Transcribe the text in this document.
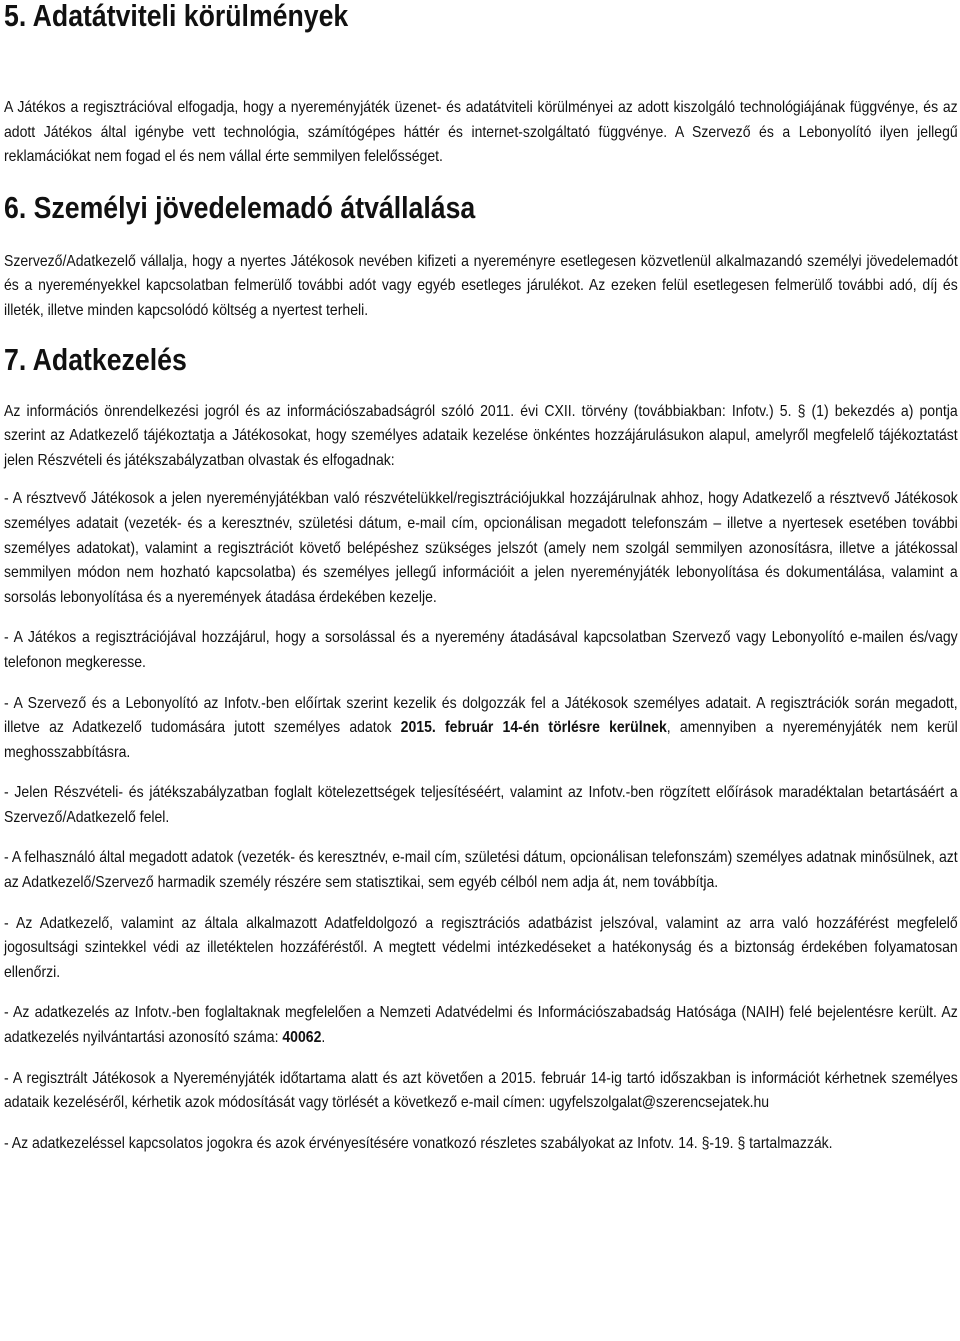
5. Adatátviteli körülmények
A Játékos a regisztrációval elfogadja, hogy a nyereményjáték üzenet- és adatátviteli körülményei az adott kiszolgáló technológiájának függvénye, és az adott Játékos által igénybe vett technológia, számítógépes háttér és internet-szolgáltató függvénye. A Szervező és a Lebonyolító ilyen jellegű reklamációkat nem fogad el és nem vállal érte semmilyen felelősséget.
6. Személyi jövedelemadó átvállalása
Szervező/Adatkezelő vállalja, hogy a nyertes Játékosok nevében kifizeti a nyereményre esetlegesen közvetlenül alkalmazandó személyi jövedelemadót és a nyereményekkel kapcsolatban felmerülő további adót vagy egyéb esetleges járulékot. Az ezeken felül esetlegesen felmerülő további adó, díj és illeték, illetve minden kapcsolódó költség a nyertest terheli.
7. Adatkezelés
Az információs önrendelkezési jogról és az információszabadságról szóló 2011. évi CXII. törvény (továbbiakban: Infotv.) 5. § (1) bekezdés a) pontja szerint az Adatkezelő tájékoztatja a Játékosokat, hogy személyes adataik kezelése önkéntes hozzájárulásukon alapul, amelyről megfelelő tájékoztatást jelen Részvételi és játékszabályzatban olvastak és elfogadnak:
- A résztvevő Játékosok a jelen nyereményjátékban való részvételükkel/regisztrációjukkal hozzájárulnak ahhoz, hogy Adatkezelő a résztvevő Játékosok személyes adatait (vezeték- és a keresztnév, születési dátum, e-mail cím, opcionálisan megadott telefonszám – illetve a nyertesek esetében további személyes adatokat), valamint a regisztrációt követő belépéshez szükséges jelszót (amely nem szolgál semmilyen azonosításra, illetve a játékossal semmilyen módon nem hozható kapcsolatba) és személyes jellegű információit a jelen nyereményjáték lebonyolítása és dokumentálása, valamint a sorsolás lebonyolítása és a nyeremények átadása érdekében kezelje.
- A Játékos a regisztrációjával hozzájárul, hogy a sorsolással és a nyeremény átadásával kapcsolatban Szervező vagy Lebonyolító e-mailen és/vagy telefonon megkeresse.
- A Szervező és a Lebonyolító az Infotv.-ben előírtak szerint kezelik és dolgozzák fel a Játékosok személyes adatait. A regisztrációk során megadott, illetve az Adatkezelő tudomására jutott személyes adatok 2015. február 14-én törlésre kerülnek, amennyiben a nyereményjáték nem kerül meghosszabbításra.
- Jelen Részvételi- és játékszabályzatban foglalt kötelezettségek teljesítéséért, valamint az Infotv.-ben rögzített előírások maradéktalan betartásáért a Szervező/Adatkezelő felel.
- A felhasználó által megadott adatok (vezeték- és keresztnév, e-mail cím, születési dátum, opcionálisan telefonszám) személyes adatnak minősülnek, azt az Adatkezelő/Szervező harmadik személy részére sem statisztikai, sem egyéb célból nem adja át, nem továbbítja.
- Az Adatkezelő, valamint az általa alkalmazott Adatfeldolgozó a regisztrációs adatbázist jelszóval, valamint az arra való hozzáférést megfelelő jogosultsági szintekkel védi az illetéktelen hozzáféréstől. A megtett védelmi intézkedéseket a hatékonyság és a biztonság érdekében folyamatosan ellenőrzi.
- Az adatkezelés az Infotv.-ben foglaltaknak megfelelően a Nemzeti Adatvédelmi és Információszabadság Hatósága (NAIH) felé bejelentésre került. Az adatkezelés nyilvántartási azonosító száma: 40062.
- A regisztrált Játékosok a Nyereményjáték időtartama alatt és azt követően a 2015. február 14-ig tartó időszakban is információt kérhetnek személyes adataik kezeléséről, kérhetik azok módosítását vagy törlését a következő e-mail címen: ugyfelszolgalat@szerencsejatek.hu
- Az adatkezeléssel kapcsolatos jogokra és azok érvényesítésére vonatkozó részletes szabályokat az Infotv. 14. §-19. § tartalmazzák.
